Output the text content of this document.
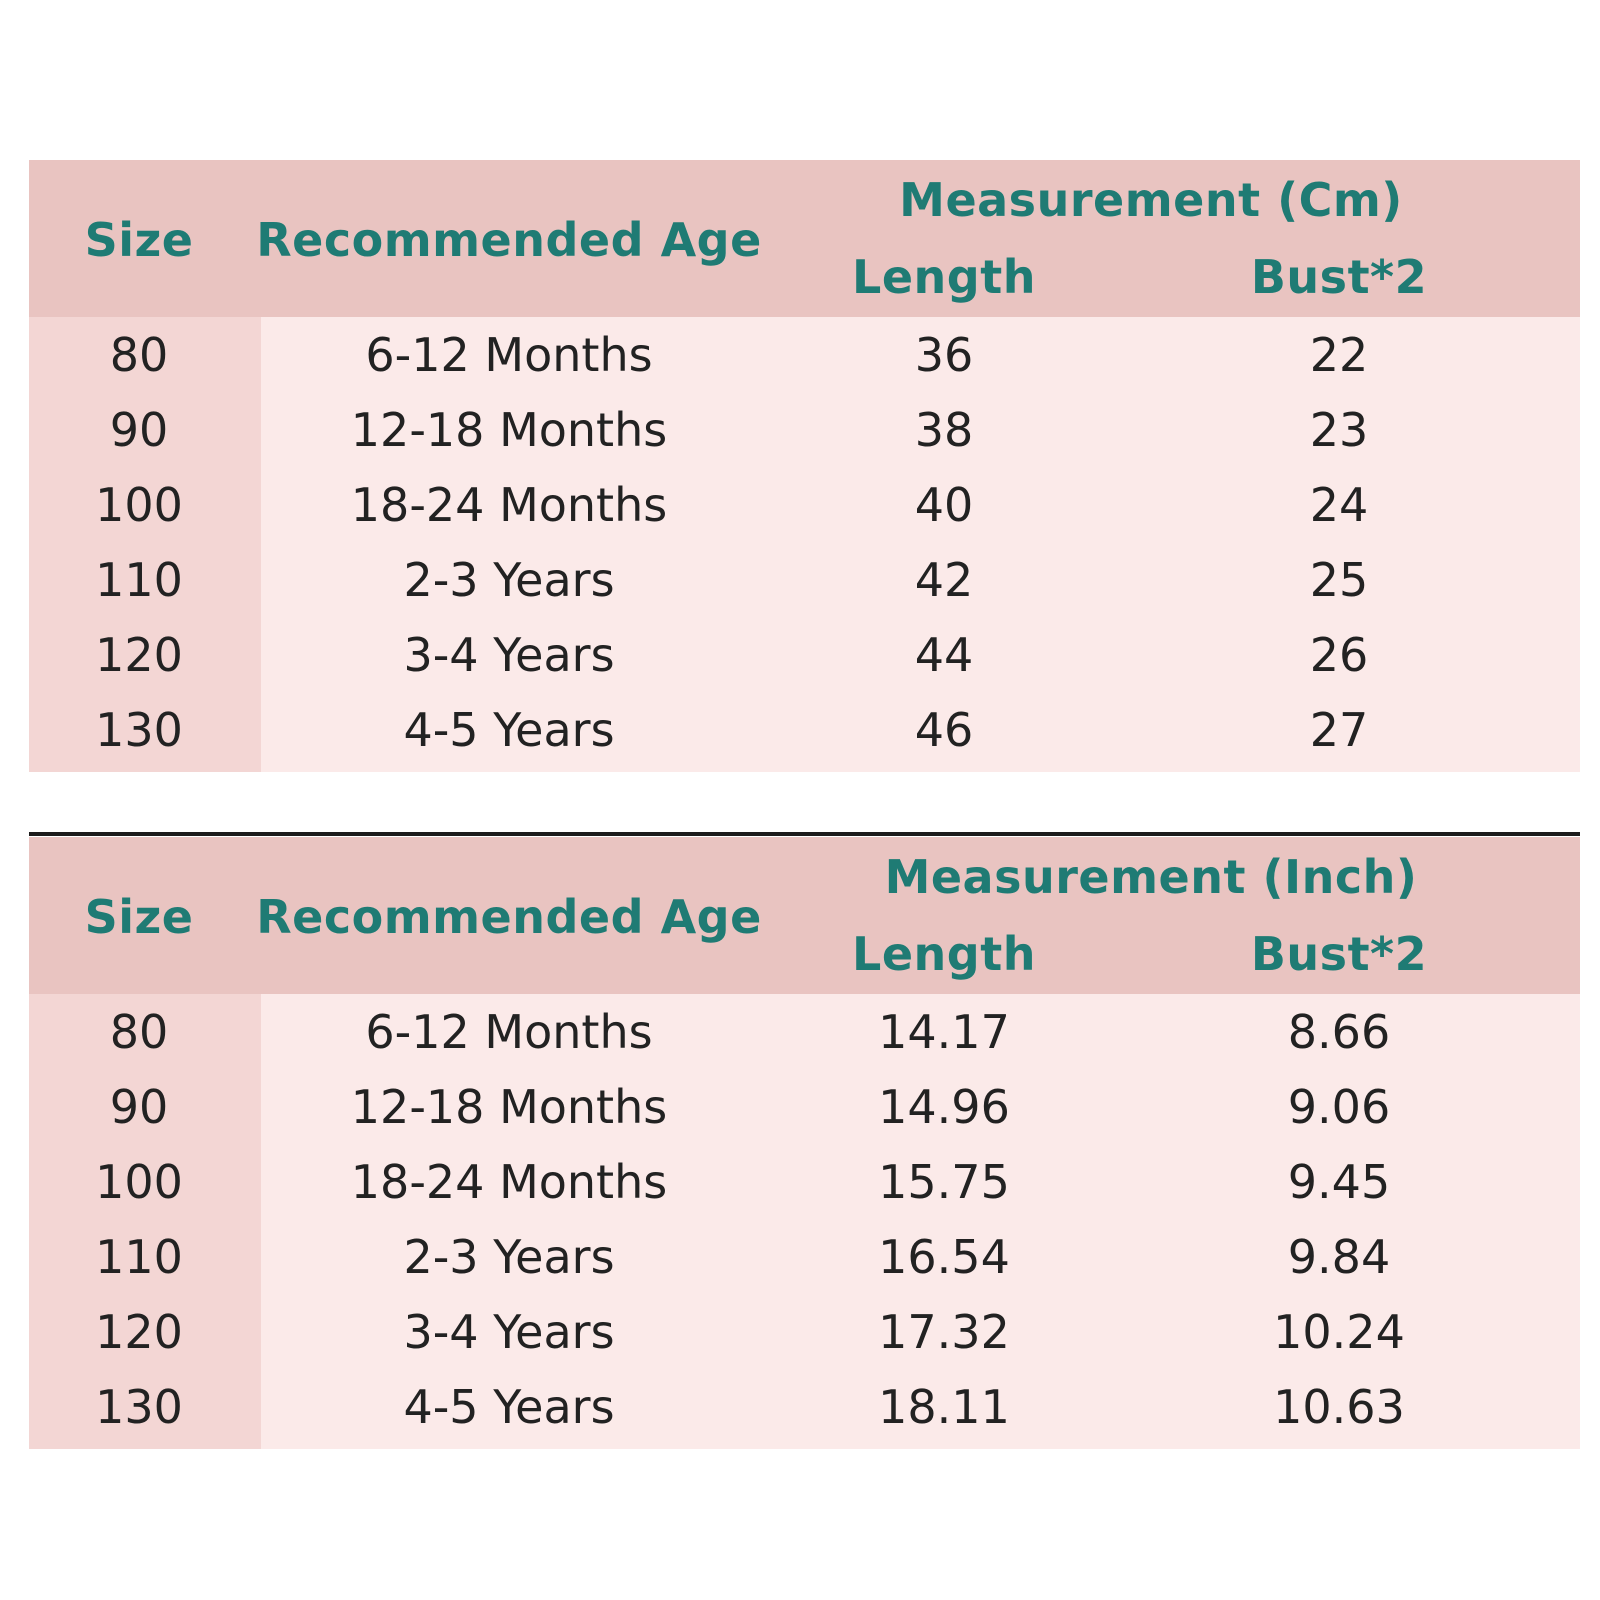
Size Recommended Age
Measurement (Cm)
Length	Bust*2
80	6-12 Months	36	22
90	12-18 Months	38	23
100	18-24 Months	40	24
110	2-3 Years	42	25
120	3-4 Years	44	26
130	4-5 Years	46	27
Size Recommended Age
Measurement (Inch)
Length	Bust*2
80	6-12 Months	14.17	8.66
90	12-18 Months	14.96	9.06
100	18-24 Months	15.75	9.45
110	2-3 Years	16.54	9.84
120	3-4 Years	17.32	10.24
130	4-5 Years	18.11	10.63
